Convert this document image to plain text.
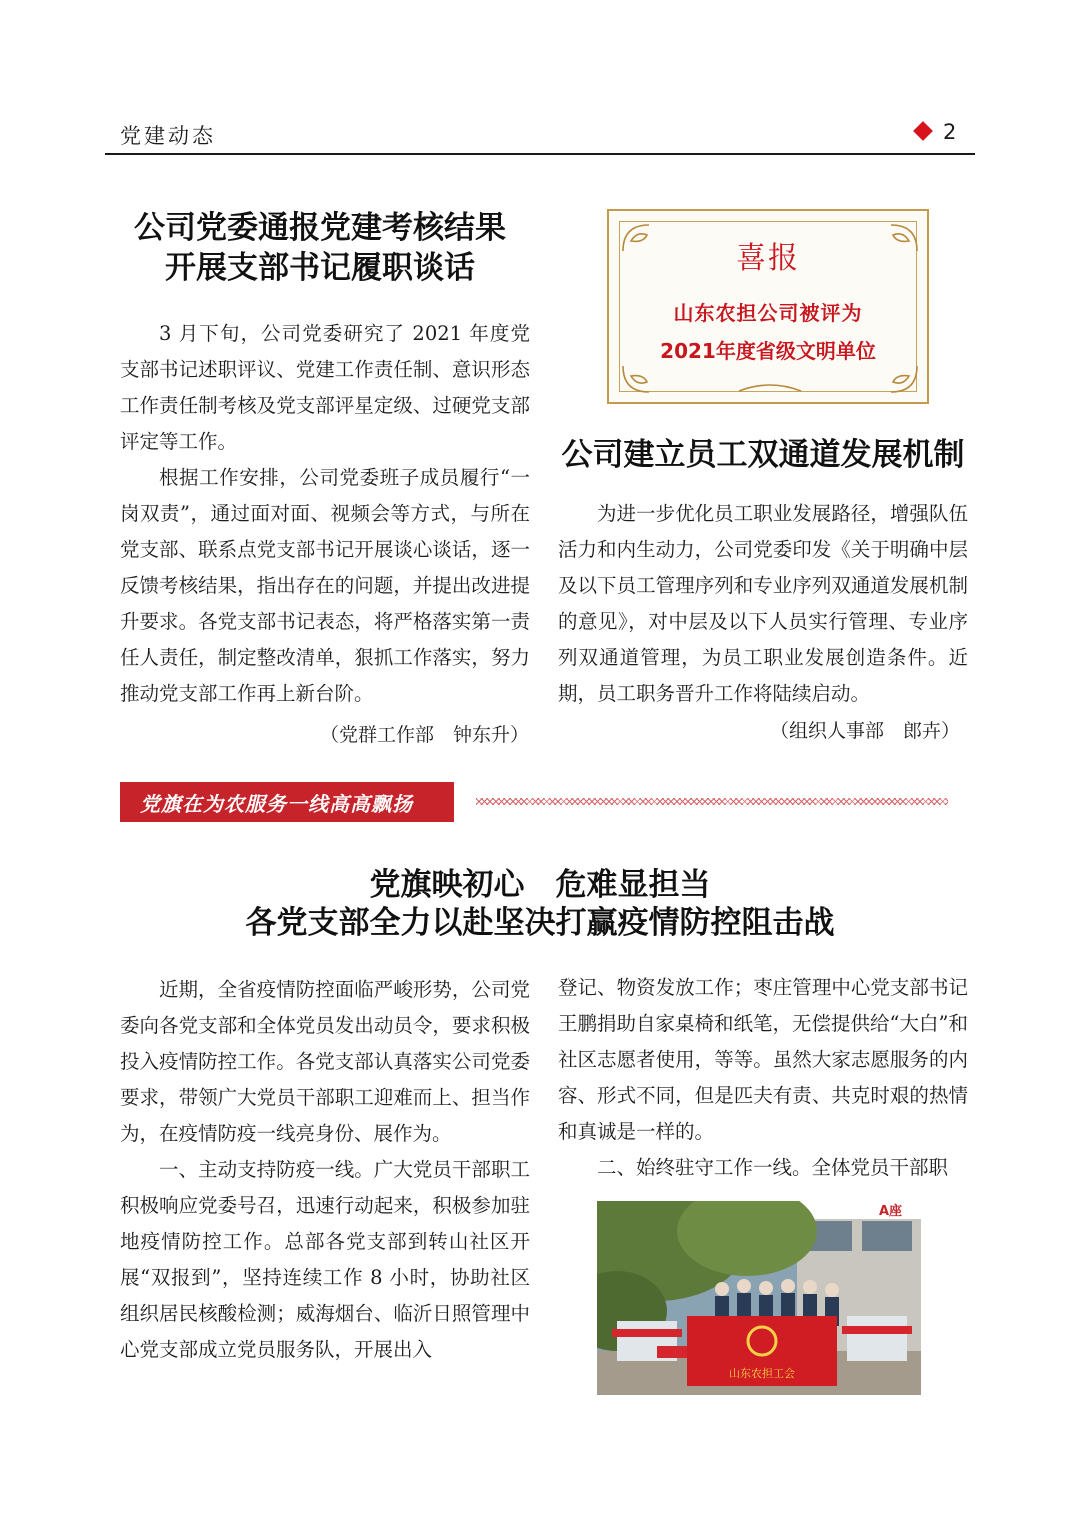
党建动态	2
公司党委通报党建考核结果
开展支部书记履职谈话

3 月下旬，公司党委研究了 2021 年度党支部书记述职评议、党建工作责任制、意识形态工作责任制考核及党支部评星定级、过硬党支部评定等工作。

根据工作安排，公司党委班子成员履行“一岗双责”，通过面对面、视频会等方式，与所在党支部、联系点党支部书记开展谈心谈话，逐一反馈考核结果，指出存在的问题，并提出改进提升要求。各党支部书记表态，将严格落实第一责任人责任，制定整改清单，狠抓工作落实，努力推动党支部工作再上新台阶。

（党群工作部　钟东升）
喜报
山东农担公司被评为
2021年度省级文明单位
公司建立员工双通道发展机制

为进一步优化员工职业发展路径，增强队伍活力和内生动力，公司党委印发《关于明确中层及以下员工管理序列和专业序列双通道发展机制的意见》，对中层及以下人员实行管理、专业序列双通道管理，为员工职业发展创造条件。近期，员工职务晋升工作将陆续启动。

（组织人事部　郎卉）
党旗在为农服务一线高高飘扬
党旗映初心　危难显担当
各党支部全力以赴坚决打赢疫情防控阻击战

近期，全省疫情防控面临严峻形势，公司党委向各党支部和全体党员发出动员令，要求积极投入疫情防控工作。各党支部认真落实公司党委要求，带领广大党员干部职工迎难而上、担当作为，在疫情防疫一线亮身份、展作为。

一、主动支持防疫一线。广大党员干部职工积极响应党委号召，迅速行动起来，积极参加驻地疫情防控工作。总部各党支部到转山社区开展“双报到”，坚持连续工作 8 小时，协助社区组织居民核酸检测；威海烟台、临沂日照管理中心党支部成立党员服务队，开展出入

登记、物资发放工作；枣庄管理中心党支部书记王鹏捐助自家桌椅和纸笔，无偿提供给“大白”和社区志愿者使用，等等。虽然大家志愿服务的内容、形式不同，但是匹夫有责、共克时艰的热情和真诚是一样的。

二、始终驻守工作一线。全体党员干部职

A座
山东农担工会
